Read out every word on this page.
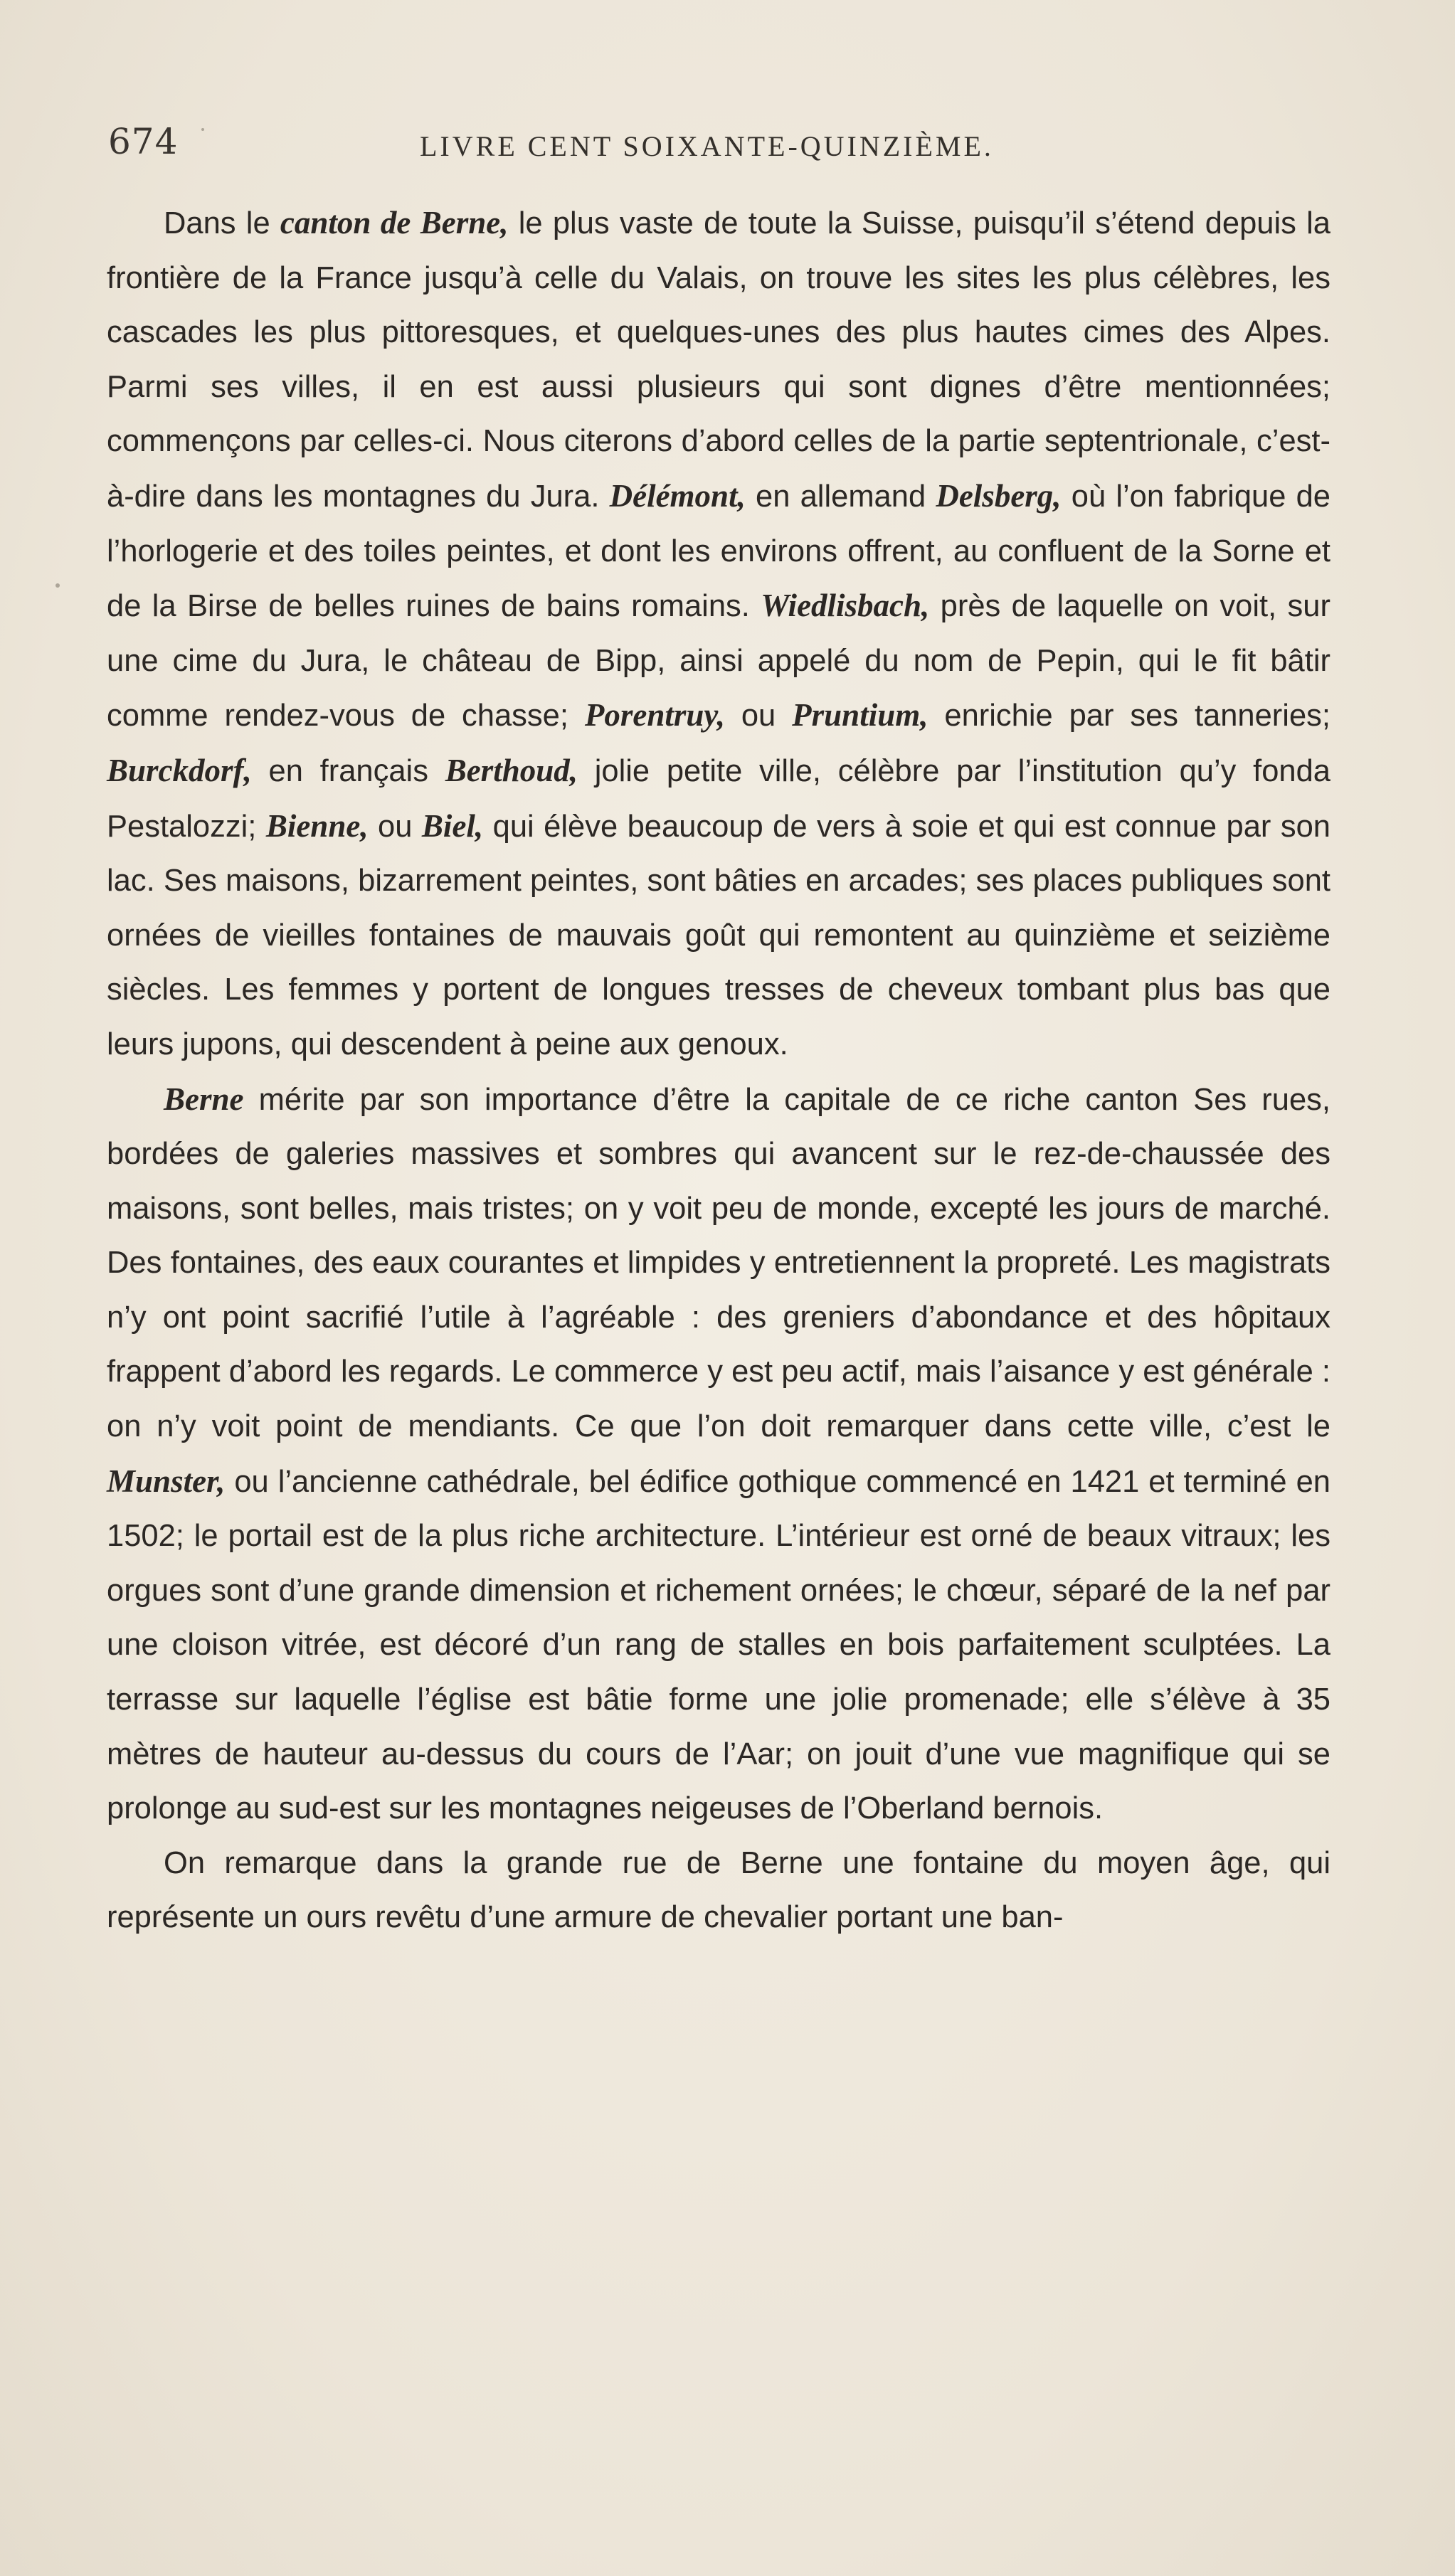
674	LIVRE CENT SOIXANTE-QUINZIÈME.

Dans le canton de Berne, le plus vaste de toute la Suisse, puisqu’il s’étend depuis la frontière de la France jusqu’à celle du Valais, on trouve les sites les plus célèbres, les cascades les plus pittoresques, et quelques-unes des plus hautes cimes des Alpes. Parmi ses villes, il en est aussi plusieurs qui sont dignes d’être mentionnées; commençons par celles-ci. Nous citerons d’abord celles de la partie septentrionale, c’est-à-dire dans les montagnes du Jura. Délémont, en allemand Delsberg, où l’on fabrique de l’horlogerie et des toiles peintes, et dont les environs offrent, au confluent de la Sorne et de la Birse de belles ruines de bains romains. Wiedlisbach, près de laquelle on voit, sur une cime du Jura, le château de Bipp, ainsi appelé du nom de Pepin, qui le fit bâtir comme rendez-vous de chasse; Porentruy, ou Pruntium, enrichie par ses tanneries; Burckdorf, en français Berthoud, jolie petite ville, célèbre par l’institution qu’y fonda Pestalozzi; Bienne, ou Biel, qui élève beaucoup de vers à soie et qui est connue par son lac. Ses maisons, bizarrement peintes, sont bâties en arcades; ses places publiques sont ornées de vieilles fontaines de mauvais goût qui remontent au quinzième et seizième siècles. Les femmes y portent de longues tresses de cheveux tombant plus bas que leurs jupons, qui descendent à peine aux genoux.

Berne mérite par son importance d’être la capitale de ce riche canton Ses rues, bordées de galeries massives et sombres qui avancent sur le rez-de-chaussée des maisons, sont belles, mais tristes; on y voit peu de monde, excepté les jours de marché. Des fontaines, des eaux courantes et limpides y entretiennent la propreté. Les magistrats n’y ont point sacrifié l’utile à l’agréable : des greniers d’abondance et des hôpitaux frappent d’abord les regards. Le commerce y est peu actif, mais l’aisance y est générale : on n’y voit point de mendiants. Ce que l’on doit remarquer dans cette ville, c’est le Munster, ou l’ancienne cathédrale, bel édifice gothique commencé en 1421 et terminé en 1502; le portail est de la plus riche architecture. L’intérieur est orné de beaux vitraux; les orgues sont d’une grande dimension et richement ornées; le chœur, séparé de la nef par une cloison vitrée, est décoré d’un rang de stalles en bois parfaitement sculptées. La terrasse sur laquelle l’église est bâtie forme une jolie promenade; elle s’élève à 35 mètres de hauteur au-dessus du cours de l’Aar; on jouit d’une vue magnifique qui se prolonge au sud-est sur les montagnes neigeuses de l’Oberland bernois.

On remarque dans la grande rue de Berne une fontaine du moyen âge, qui représente un ours revêtu d’une armure de chevalier portant une ban-
